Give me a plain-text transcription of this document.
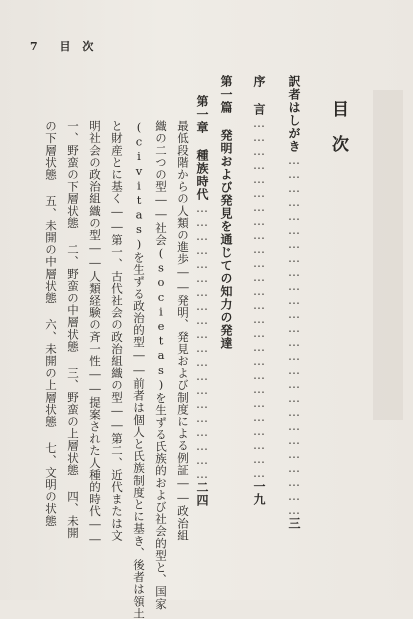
7 目 次
目次
訳者はしがき……………………………………………………………………三
序 言……………………………………………………………………一九
第一篇 発明および発見を通じての知力の発達
第一章 種族時代……………………………………………………二四
最低段階からの人類の進歩――発明、発見および制度による例証――政治組
織の二つの型――社会(societas)を生ずる氏族的および社会的型と、国家
(civitas)を生ずる政治的型――前者は個人と氏族制度とに基き、後者は領土
と財産とに基く――第一、古代社会の政治組織の型――第二、近代または文
明社会の政治組織の型――人類経験の斉一性――提案された人種的時代――
一、野蛮の下層状態 二、野蛮の中層状態 三、野蛮の上層状態 四、未開
の下層状態 五、未開の中層状態 六、未開の上層状態 七、文明の状態
